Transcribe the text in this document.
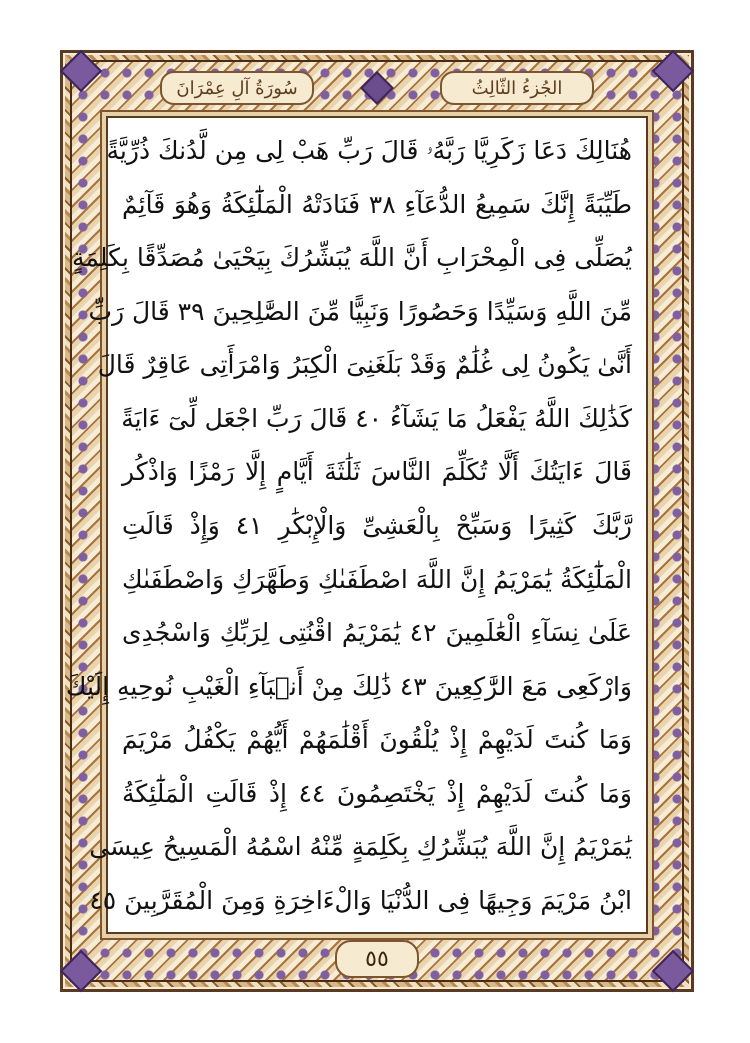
سُورَةُ آلِ عِمْرَانَ	الجُزءُ الثّالِثُ
هُنَالِكَ دَعَا زَكَرِيَّا رَبَّهُۥ قَالَ رَبِّ هَبْ لِى مِن لَّدُنكَ ذُرِّيَّةً
طَيِّبَةً إِنَّكَ سَمِيعُ الدُّعَآءِ ٣٨ فَنَادَتْهُ الْمَلَٰٓئِكَةُ وَهُوَ قَآئِمٌ
يُصَلِّى فِى الْمِحْرَابِ أَنَّ اللَّهَ يُبَشِّرُكَ بِيَحْيَىٰ مُصَدِّقًا بِكَلِمَةٍ
مِّنَ اللَّهِ وَسَيِّدًا وَحَصُورًا وَنَبِيًّا مِّنَ الصَّٰلِحِينَ ٣٩ قَالَ رَبِّ
أَنَّىٰ يَكُونُ لِى غُلَٰمٌ وَقَدْ بَلَغَنِىَ الْكِبَرُ وَامْرَأَتِى عَاقِرٌ قَالَ
كَذَٰلِكَ اللَّهُ يَفْعَلُ مَا يَشَآءُ ٤٠ قَالَ رَبِّ اجْعَل لِّىٓ ءَايَةً
قَالَ ءَايَتُكَ أَلَّا تُكَلِّمَ النَّاسَ ثَلَٰثَةَ أَيَّامٍ إِلَّا رَمْزًا وَاذْكُر
رَّبَّكَ كَثِيرًا وَسَبِّحْ بِالْعَشِىِّ وَالْإِبْكَٰرِ ٤١ وَإِذْ قَالَتِ
الْمَلَٰٓئِكَةُ يَٰمَرْيَمُ إِنَّ اللَّهَ اصْطَفَىٰكِ وَطَهَّرَكِ وَاصْطَفَىٰكِ
عَلَىٰ نِسَآءِ الْعَٰلَمِينَ ٤٢ يَٰمَرْيَمُ اقْنُتِى لِرَبِّكِ وَاسْجُدِى
وَارْكَعِى مَعَ الرَّٰكِعِينَ ٤٣ ذَٰلِكَ مِنْ أَنۢبَآءِ الْغَيْبِ نُوحِيهِ إِلَيْكَ
وَمَا كُنتَ لَدَيْهِمْ إِذْ يُلْقُونَ أَقْلَٰمَهُمْ أَيُّهُمْ يَكْفُلُ مَرْيَمَ
وَمَا كُنتَ لَدَيْهِمْ إِذْ يَخْتَصِمُونَ ٤٤ إِذْ قَالَتِ الْمَلَٰٓئِكَةُ
يَٰمَرْيَمُ إِنَّ اللَّهَ يُبَشِّرُكِ بِكَلِمَةٍ مِّنْهُ اسْمُهُ الْمَسِيحُ عِيسَى
ابْنُ مَرْيَمَ وَجِيهًا فِى الدُّنْيَا وَالْءَاخِرَةِ وَمِنَ الْمُقَرَّبِينَ ٤٥
٥٥
